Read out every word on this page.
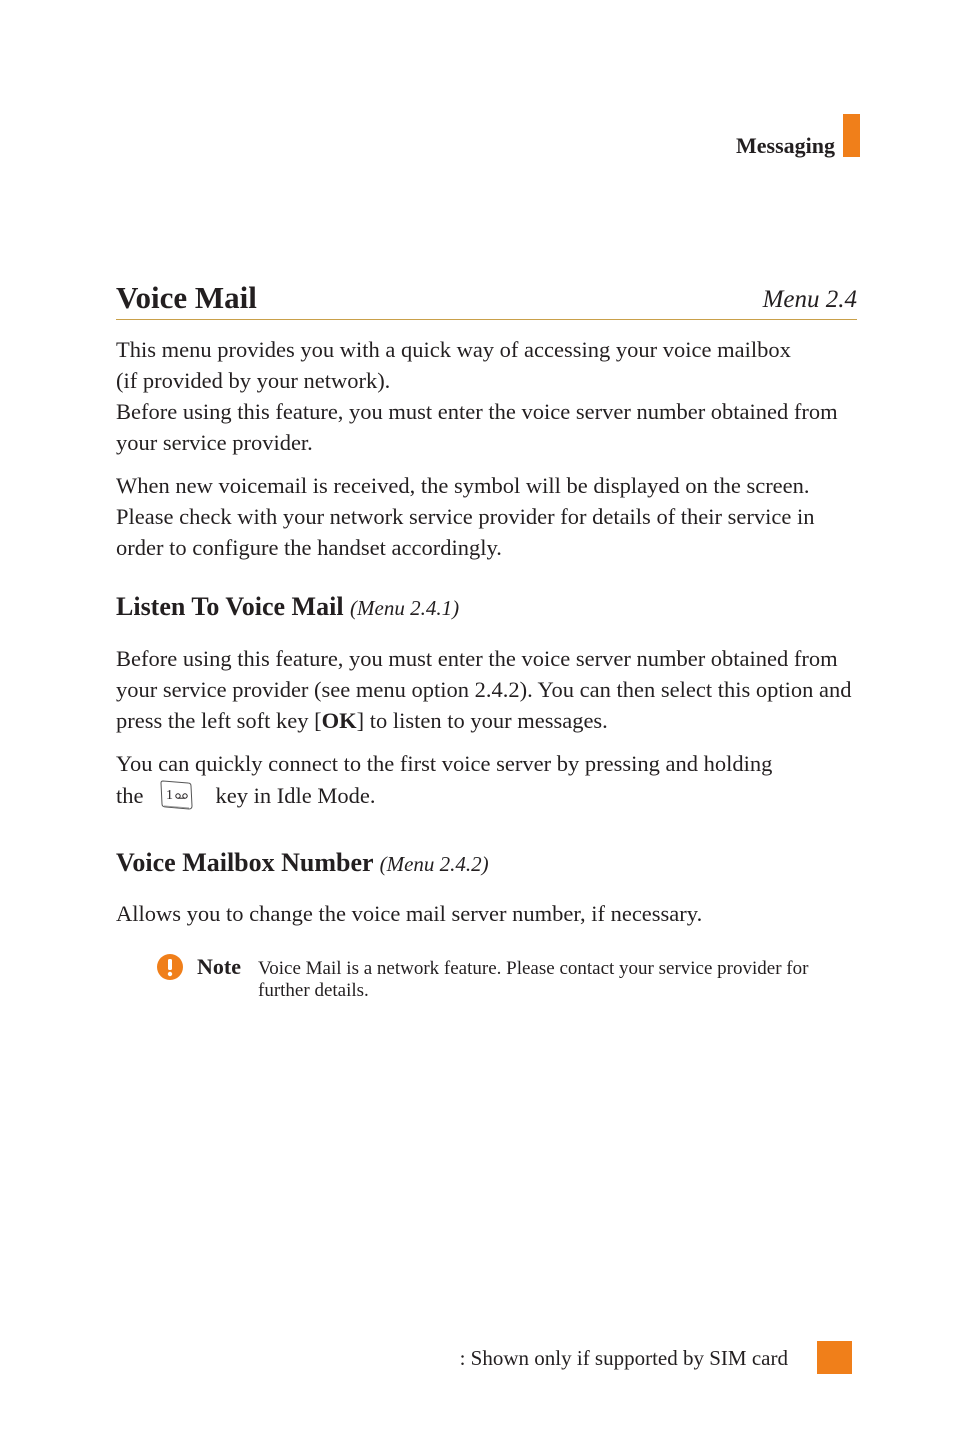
Messaging
Voice Mail	Menu 2.4

This menu provides you with a quick way of accessing your voice mailbox
(if provided by your network).

Before using this feature, you must enter the voice server number obtained from your service provider.

When new voicemail is received, the symbol will be displayed on the screen. Please check with your network service provider for details of their service in order to configure the handset accordingly.

Listen To Voice Mail (Menu 2.4.1)

Before using this feature, you must enter the voice server number obtained from your service provider (see menu option 2.4.2). You can then select this option and press the left soft key [OK] to listen to your messages.

You can quickly connect to the first voice server by pressing and holding
the 1 key in Idle Mode.

Voice Mailbox Number (Menu 2.4.2)

Allows you to change the voice mail server number, if necessary.

Note Voice Mail is a network feature. Please contact your service provider for further details.
: Shown only if supported by SIM card
